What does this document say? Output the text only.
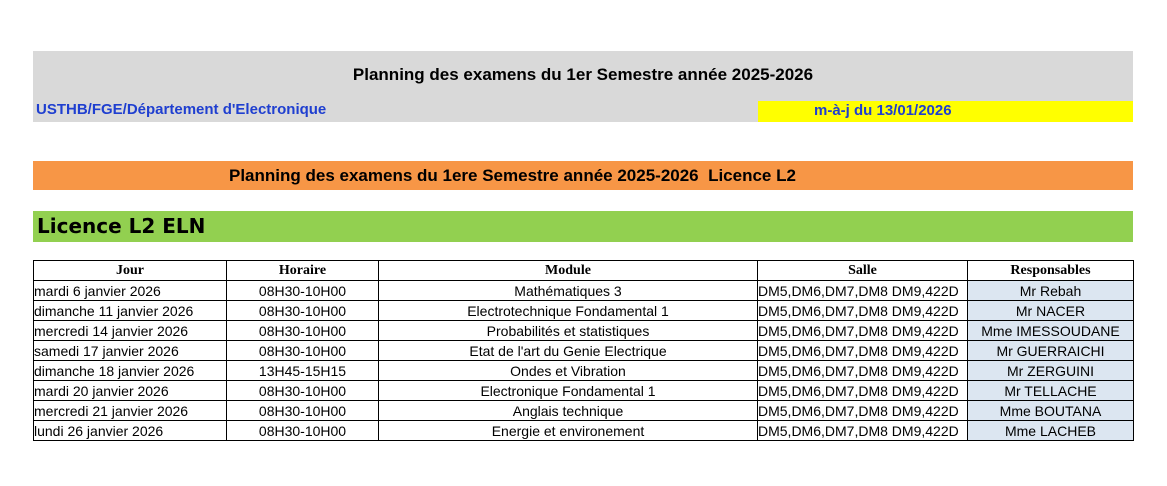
Planning des examens du 1er Semestre année 2025-2026
USTHB/FGE/Département d'Electronique	m-à-j du 13/01/2026
Planning des examens du 1ere Semestre année 2025-2026  Licence L2
Licence L2 ELN
Jour	Horaire	Module	Salle	Responsables
mardi 6 janvier 2026	08H30-10H00	Mathématiques 3	DM5,DM6,DM7,DM8 DM9,422D	Mr Rebah
dimanche 11 janvier 2026	08H30-10H00	Electrotechnique Fondamental 1	DM5,DM6,DM7,DM8 DM9,422D	Mr NACER
mercredi 14 janvier 2026	08H30-10H00	Probabilités et statistiques	DM5,DM6,DM7,DM8 DM9,422D	Mme IMESSOUDANE
samedi 17 janvier 2026	08H30-10H00	Etat de l'art du Genie Electrique	DM5,DM6,DM7,DM8 DM9,422D	Mr GUERRAICHI
dimanche 18 janvier 2026	13H45-15H15	Ondes et Vibration	DM5,DM6,DM7,DM8 DM9,422D	Mr ZERGUINI
mardi 20 janvier 2026	08H30-10H00	Electronique Fondamental 1	DM5,DM6,DM7,DM8 DM9,422D	Mr TELLACHE
mercredi 21 janvier 2026	08H30-10H00	Anglais technique	DM5,DM6,DM7,DM8 DM9,422D	Mme BOUTANA
lundi 26 janvier 2026	08H30-10H00	Energie et environement	DM5,DM6,DM7,DM8 DM9,422D	Mme LACHEB
